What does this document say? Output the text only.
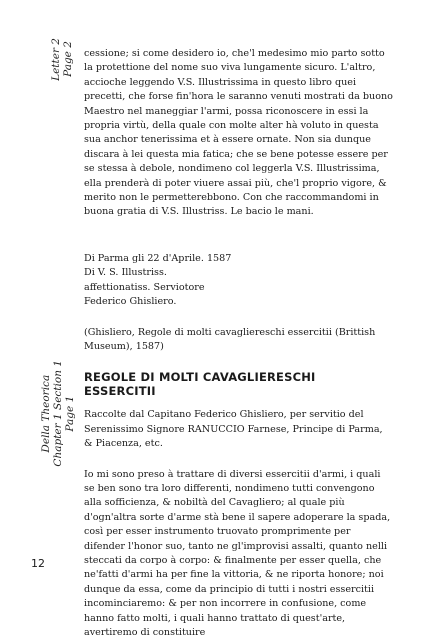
Letter 2 Page 2
Della Theorica Chapter 1 Section 1 Page 1

cessione; si come desidero io, che'l medesimo mio parto sotto la protettione del nome suo viva lungamente sicuro. L'altro, accioche leggendo V.S. Illustrissima in questo libro quei precetti, che forse fin'hora le saranno venuti mostrati da buono Maestro nel maneggiar l'armi, possa riconoscere in essi la propria virtù, della quale con molte alter hà voluto in questa sua anchor tenerissima et à essere ornate. Non sia dunque discara à lei questa mia fatica; che se bene potesse essere per se stessa à debole, nondimeno col leggerla V.S. Illustrissima, ella prenderà di poter viuere assai più, che'l proprio vigore, & merito non le permetterebbono. Con che raccommandomi in buona gratia di V.S. Illustriss. Le bacio le mani.

Di Parma gli 22 d'Aprile. 1587
Di V. S. Illustriss.
affettionatiss. Serviotore
Federico Ghisliero.
(Ghisliero, Regole di molti cavagliereschi essercitii (Brittish
Museum), 1587)

REGOLE DI MOLTI CAVAGLIERESCHI

ESSERCITII

Raccolte dal Capitano Federico Ghisliero, per servitio del Serenissimo Signore RANUCCIO Farnese, Principe di Parma, & Piacenza, etc.

Io mi sono preso à trattare di diversi essercitii d'armi, i quali se ben sono tra loro differenti, nondimeno tutti convengono alla sofficienza, & nobiltà del Cavagliero; al quale più d'ogn'altra sorte d'arme stà bene il sapere adoperare la spada, così per esser instrumento truovato promprimente per difender l'honor suo, tanto ne gl'improvisi assalti, quanto nelli steccati da corpo à corpo: & finalmente per esser quella, che ne'fatti d'armi ha per fine la vittoria, & ne riporta honore; noi dunque da essa, come da principio di tutti i nostri essercitii incominciaremo: & per non incorrere in confusione, come hanno fatto molti, i quali hanno trattato di quest'arte, avertiremo di constituire

12
